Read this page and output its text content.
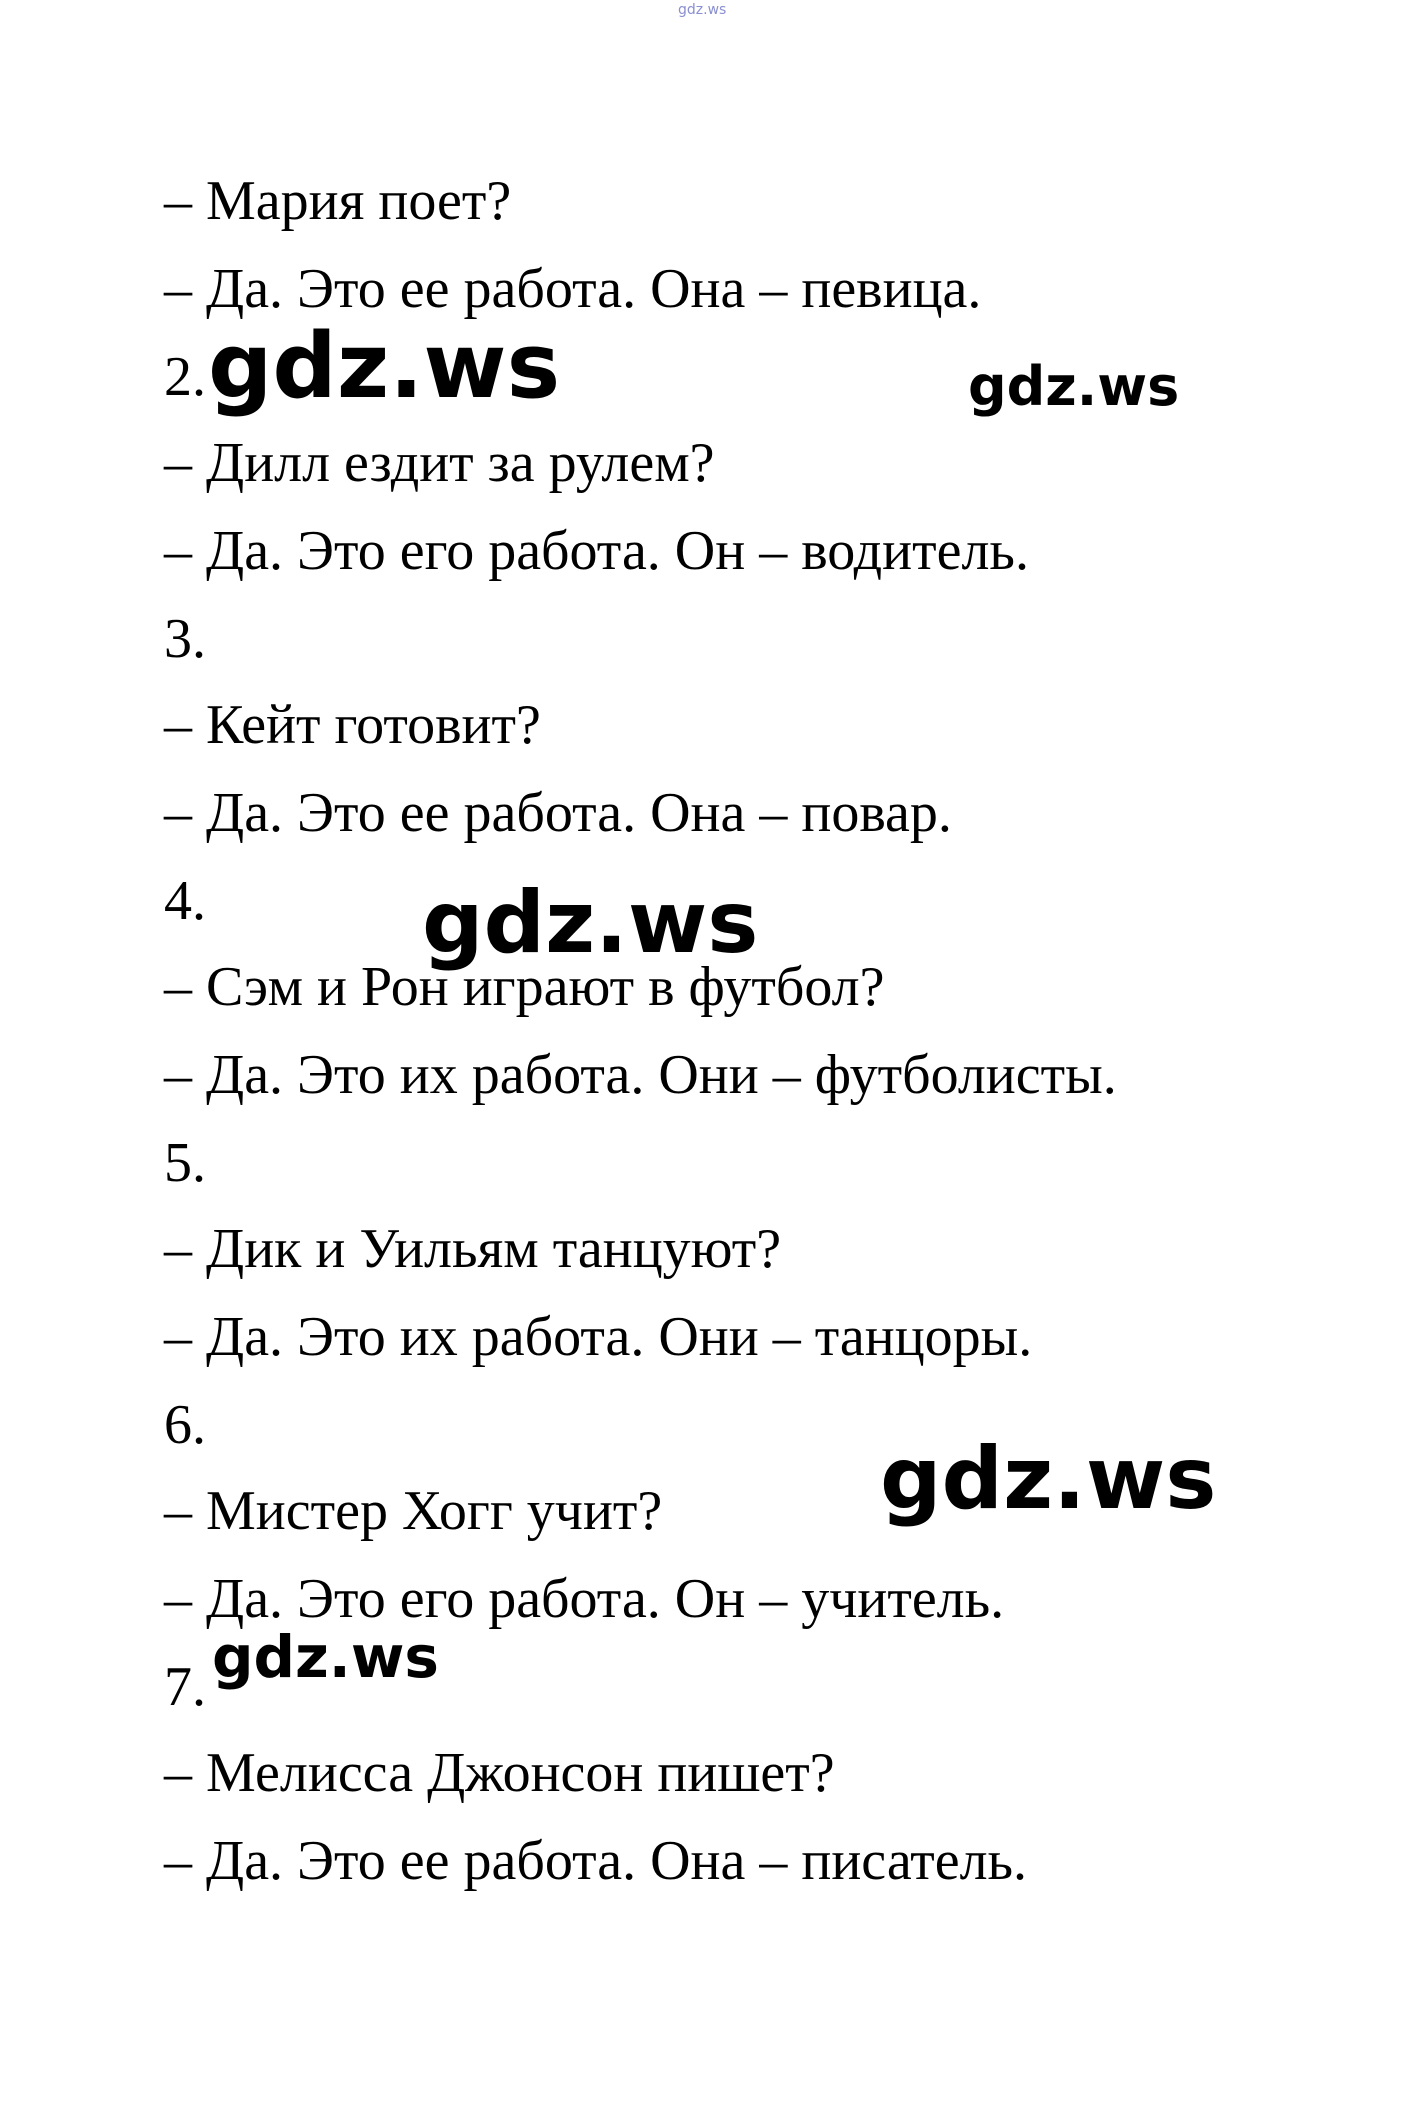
gdz.ws
– Мария поет?
– Да. Это ее работа. Она – певица.
2.
– Дилл ездит за рулем?
– Да. Это его работа. Он – водитель.
3.
– Кейт готовит?
– Да. Это ее работа. Она – повар.
4.
– Сэм и Рон играют в футбол?
– Да. Это их работа. Они – футболисты.
5.
– Дик и Уильям танцуют?
– Да. Это их работа. Они – танцоры.
6.
– Мистер Хогг учит?
– Да. Это его работа. Он – учитель.
7.
– Мелисса Джонсон пишет?
– Да. Это ее работа. Она – писатель.
gdz.ws	gdz.ws
gdz.ws
gdz.ws
gdz.ws
